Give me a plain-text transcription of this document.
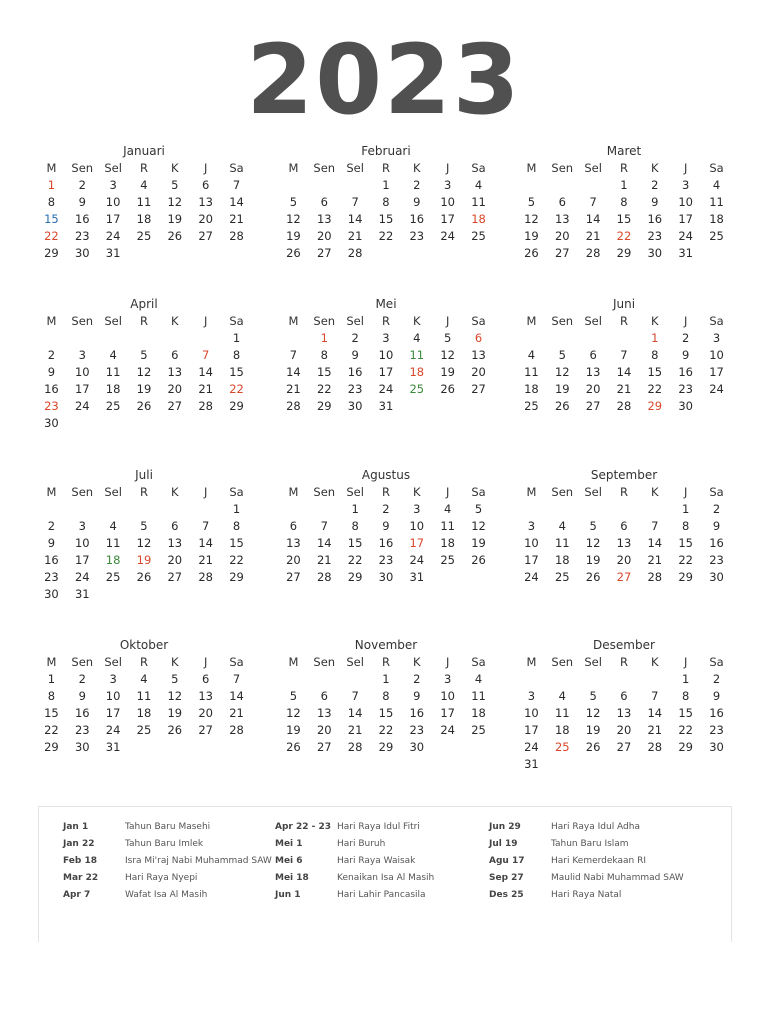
2023
Januari
M	Sen	Sel	R	K	J	Sa
1	2	3	4	5	6	7
8	9	10	11	12	13	14
15	16	17	18	19	20	21
22	23	24	25	26	27	28
29	30	31				
Februari
M	Sen	Sel	R	K	J	Sa
			1	2	3	4
5	6	7	8	9	10	11
12	13	14	15	16	17	18
19	20	21	22	23	24	25
26	27	28				
Maret
M	Sen	Sel	R	K	J	Sa
			1	2	3	4
5	6	7	8	9	10	11
12	13	14	15	16	17	18
19	20	21	22	23	24	25
26	27	28	29	30	31	
April
M	Sen	Sel	R	K	J	Sa
						1
2	3	4	5	6	7	8
9	10	11	12	13	14	15
16	17	18	19	20	21	22
23	24	25	26	27	28	29
30						
Mei
M	Sen	Sel	R	K	J	Sa
	1	2	3	4	5	6
7	8	9	10	11	12	13
14	15	16	17	18	19	20
21	22	23	24	25	26	27
28	29	30	31			
Juni
M	Sen	Sel	R	K	J	Sa
				1	2	3
4	5	6	7	8	9	10
11	12	13	14	15	16	17
18	19	20	21	22	23	24
25	26	27	28	29	30	
Juli
M	Sen	Sel	R	K	J	Sa
						1
2	3	4	5	6	7	8
9	10	11	12	13	14	15
16	17	18	19	20	21	22
23	24	25	26	27	28	29
30	31					
Agustus
M	Sen	Sel	R	K	J	Sa
		1	2	3	4	5
6	7	8	9	10	11	12
13	14	15	16	17	18	19
20	21	22	23	24	25	26
27	28	29	30	31		
September
M	Sen	Sel	R	K	J	Sa
					1	2
3	4	5	6	7	8	9
10	11	12	13	14	15	16
17	18	19	20	21	22	23
24	25	26	27	28	29	30
Oktober
M	Sen	Sel	R	K	J	Sa
1	2	3	4	5	6	7
8	9	10	11	12	13	14
15	16	17	18	19	20	21
22	23	24	25	26	27	28
29	30	31				
November
M	Sen	Sel	R	K	J	Sa
			1	2	3	4
5	6	7	8	9	10	11
12	13	14	15	16	17	18
19	20	21	22	23	24	25
26	27	28	29	30		
Desember
M	Sen	Sel	R	K	J	Sa
					1	2
3	4	5	6	7	8	9
10	11	12	13	14	15	16
17	18	19	20	21	22	23
24	25	26	27	28	29	30
31						
Jan 1	Tahun Baru Masehi
Jan 22	Tahun Baru Imlek
Feb 18	Isra Mi'raj Nabi Muhammad SAW
Mar 22	Hari Raya Nyepi
Apr 7	Wafat Isa Al Masih
Apr 22 - 23 Hari Raya Idul Fitri
Mei 1	Hari Buruh
Mei 6	Hari Raya Waisak
Mei 18	Kenaikan Isa Al Masih
Jun 1	Hari Lahir Pancasila
Jun 29	Hari Raya Idul Adha
Jul 19	Tahun Baru Islam
Agu 17	Hari Kemerdekaan RI
Sep 27	Maulid Nabi Muhammad SAW
Des 25	Hari Raya Natal
